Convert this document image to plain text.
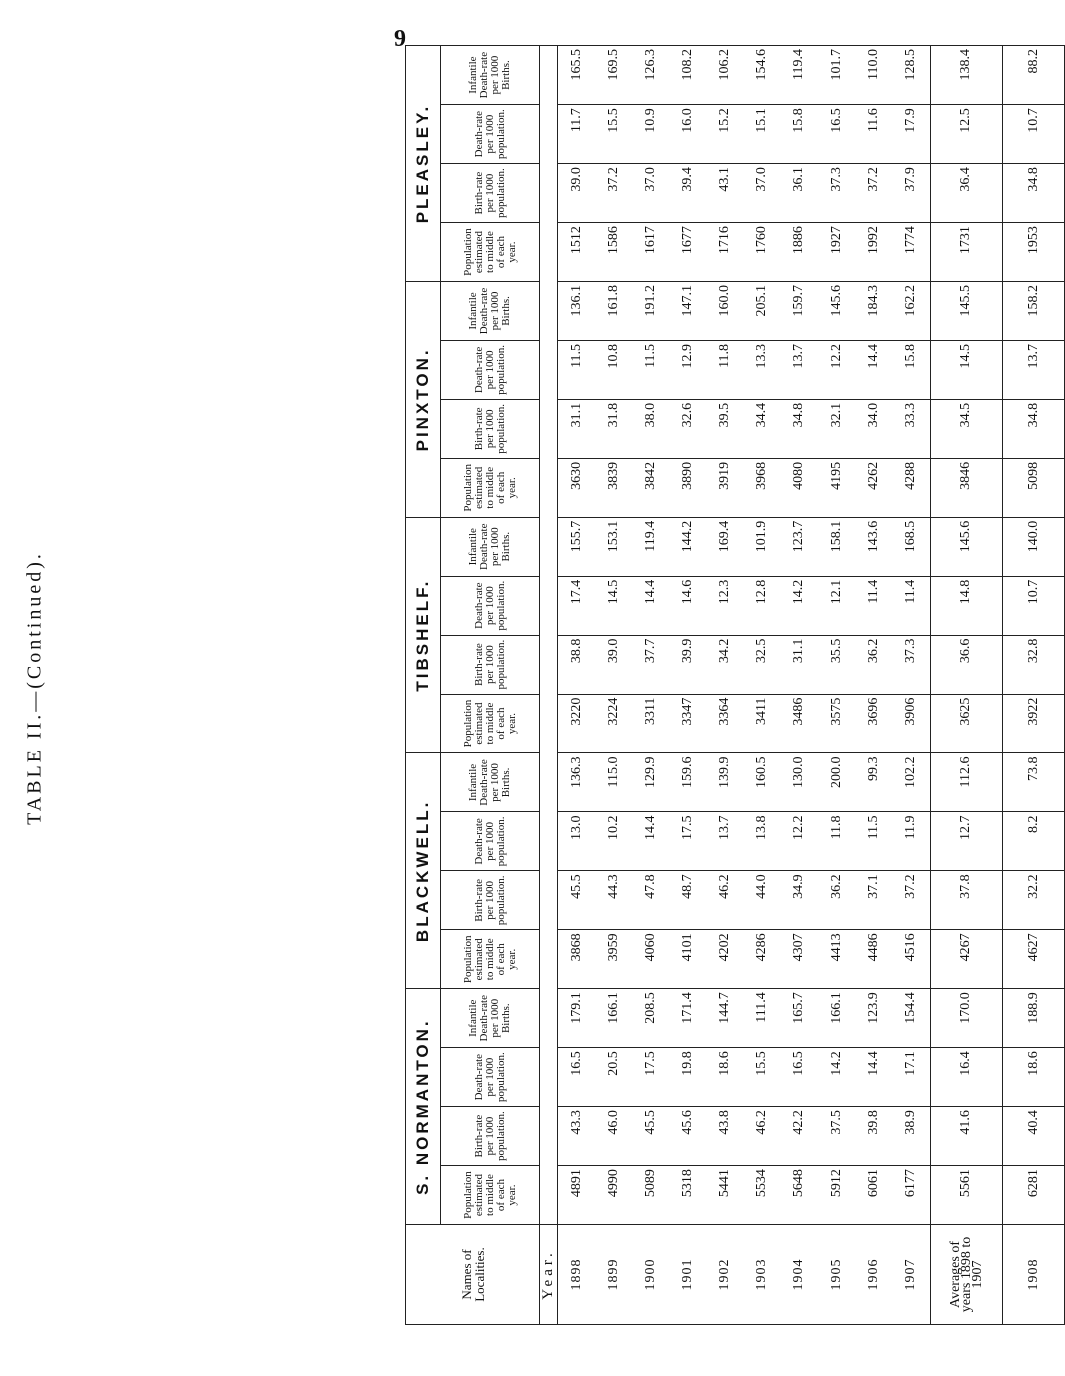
9
TABLE II.—(Continued).
Names of Localities.	S. NORMANTON.				BLACKWELL.				TIBSHELF.				PINXTON.				PLEASLEY.			
	Population estimated to middle of each year.	Birth-rate per 1000 population.	Death-rate per 1000 population.	Infantile Death-rate per 1000 Births.	Population estimated to middle of each year.	Birth-rate per 1000 population.	Death-rate per 1000 population.	Infantile Death-rate per 1000 Births.	Population estimated to middle of each year.	Birth-rate per 1000 population.	Death-rate per 1000 population.	Infantile Death-rate per 1000 Births.	Population estimated to middle of each year.	Birth-rate per 1000 population.	Death-rate per 1000 population.	Infantile Death-rate per 1000 Births.	Population estimated to middle of each year.	Birth-rate per 1000 population.	Death-rate per 1000 population.	Infantile Death-rate per 1000 Births.
Year.																				
1898	4891	43.3	16.5	179.1	3868	45.5	13.0	136.3	3220	38.8	17.4	155.7	3630	31.1	11.5	136.1	1512	39.0	11.7	165.5
1899	4990	46.0	20.5	166.1	3959	44.3	10.2	115.0	3224	39.0	14.5	153.1	3839	31.8	10.8	161.8	1586	37.2	15.5	169.5
1900	5089	45.5	17.5	208.5	4060	47.8	14.4	129.9	3311	37.7	14.4	119.4	3842	38.0	11.5	191.2	1617	37.0	10.9	126.3
1901	5318	45.6	19.8	171.4	4101	48.7	17.5	159.6	3347	39.9	14.6	144.2	3890	32.6	12.9	147.1	1677	39.4	16.0	108.2
1902	5441	43.8	18.6	144.7	4202	46.2	13.7	139.9	3364	34.2	12.3	169.4	3919	39.5	11.8	160.0	1716	43.1	15.2	106.2
1903	5534	46.2	15.5	111.4	4286	44.0	13.8	160.5	3411	32.5	12.8	101.9	3968	34.4	13.3	205.1	1760	37.0	15.1	154.6
1904	5648	42.2	16.5	165.7	4307	34.9	12.2	130.0	3486	31.1	14.2	123.7	4080	34.8	13.7	159.7	1886	36.1	15.8	119.4
1905	5912	37.5	14.2	166.1	4413	36.2	11.8	200.0	3575	35.5	12.1	158.1	4195	32.1	12.2	145.6	1927	37.3	16.5	101.7
1906	6061	39.8	14.4	123.9	4486	37.1	11.5	99.3	3696	36.2	11.4	143.6	4262	34.0	14.4	184.3	1992	37.2	11.6	110.0
1907	6177	38.9	17.1	154.4	4516	37.2	11.9	102.2	3906	37.3	11.4	168.5	4288	33.3	15.8	162.2	1774	37.9	17.9	128.5
Averages of years 1898 to 1907	5561	41.6	16.4	170.0	4267	37.8	12.7	112.6	3625	36.6	14.8	145.6	3846	34.5	14.5	145.5	1731	36.4	12.5	138.4
1908	6281	40.4	18.6	188.9	4627	32.2	8.2	73.8	3922	32.8	10.7	140.0	5098	34.8	13.7	158.2	1953	34.8	10.7	88.2
